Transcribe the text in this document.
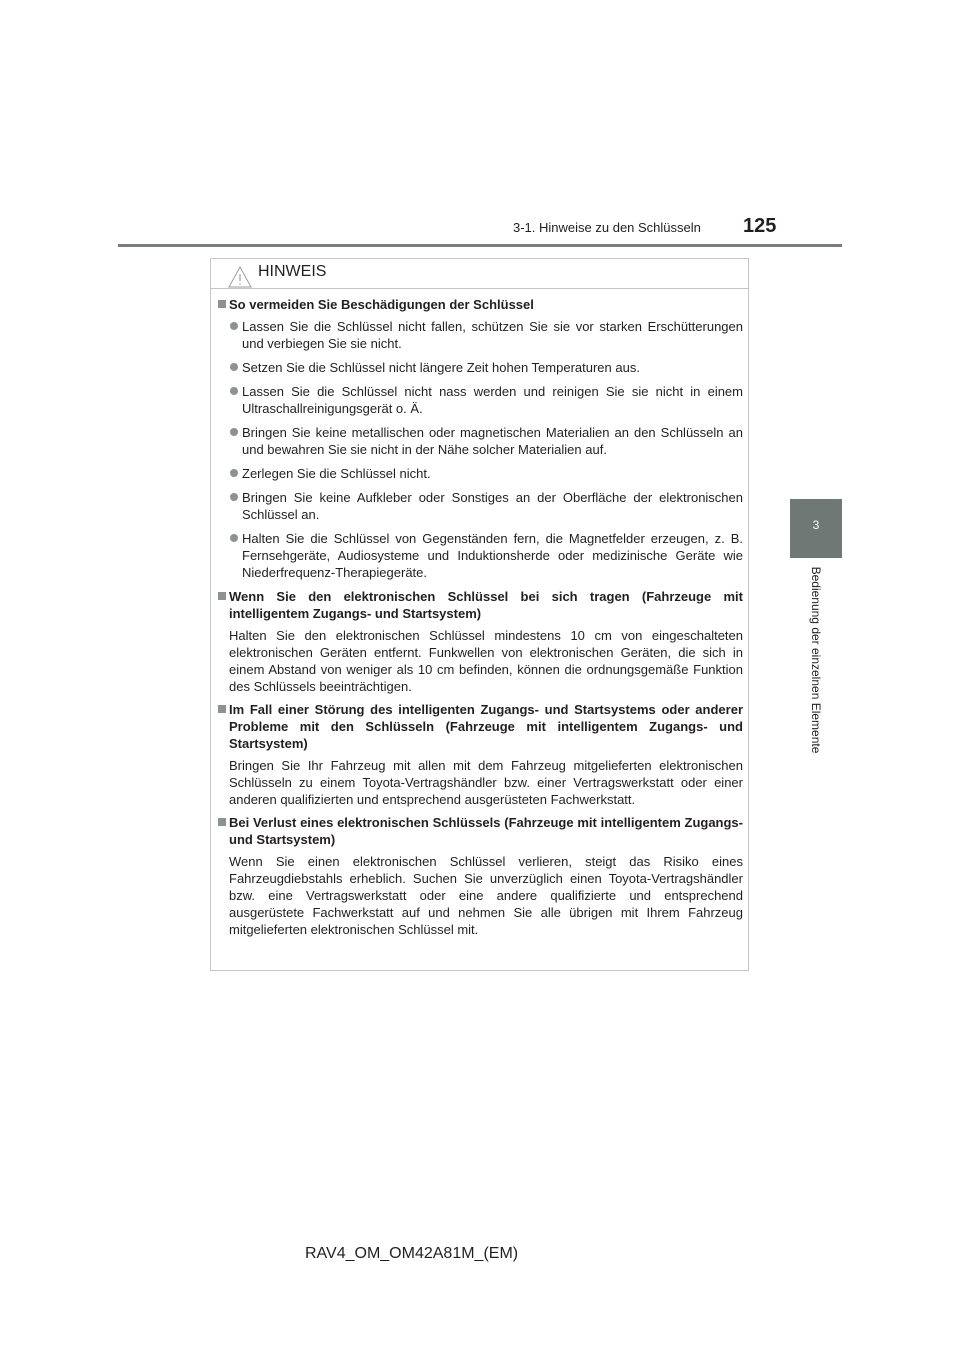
3-1. Hinweise zu den Schlüsseln 125
3
Bedienung der einzelnen Elemente
HINWEIS
So vermeiden Sie Beschädigungen der Schlüssel
Lassen Sie die Schlüssel nicht fallen, schützen Sie sie vor starken Erschütterungen und verbiegen Sie sie nicht.
Setzen Sie die Schlüssel nicht längere Zeit hohen Temperaturen aus.
Lassen Sie die Schlüssel nicht nass werden und reinigen Sie sie nicht in einem Ultraschallreinigungsgerät o. Ä.
Bringen Sie keine metallischen oder magnetischen Materialien an den Schlüsseln an und bewahren Sie sie nicht in der Nähe solcher Materialien auf.
Zerlegen Sie die Schlüssel nicht.
Bringen Sie keine Aufkleber oder Sonstiges an der Oberfläche der elektronischen Schlüssel an.
Halten Sie die Schlüssel von Gegenständen fern, die Magnetfelder erzeugen, z. B. Fernsehgeräte, Audiosysteme und Induktionsherde oder medizinische Geräte wie Niederfrequenz-Therapiegeräte.
Wenn Sie den elektronischen Schlüssel bei sich tragen (Fahrzeuge mit intelligentem Zugangs- und Startsystem)
Halten Sie den elektronischen Schlüssel mindestens 10 cm von eingeschalteten elektronischen Geräten entfernt. Funkwellen von elektronischen Geräten, die sich in einem Abstand von weniger als 10 cm befinden, können die ordnungsgemäße Funktion des Schlüssels beeinträchtigen.
Im Fall einer Störung des intelligenten Zugangs- und Startsystems oder anderer Probleme mit den Schlüsseln (Fahrzeuge mit intelligentem Zugangs- und Startsystem)
Bringen Sie Ihr Fahrzeug mit allen mit dem Fahrzeug mitgelieferten elektronischen Schlüsseln zu einem Toyota-Vertragshändler bzw. einer Vertragswerkstatt oder einer anderen qualifizierten und entsprechend ausgerüsteten Fachwerkstatt.
Bei Verlust eines elektronischen Schlüssels (Fahrzeuge mit intelligentem Zugangs- und Startsystem)
Wenn Sie einen elektronischen Schlüssel verlieren, steigt das Risiko eines Fahrzeugdiebstahls erheblich. Suchen Sie unverzüglich einen Toyota-Vertragshändler bzw. eine Vertragswerkstatt oder eine andere qualifizierte und entsprechend ausgerüstete Fachwerkstatt auf und nehmen Sie alle übrigen mit Ihrem Fahrzeug mitgelieferten elektronischen Schlüssel mit.
RAV4_OM_OM42A81M_(EM)
